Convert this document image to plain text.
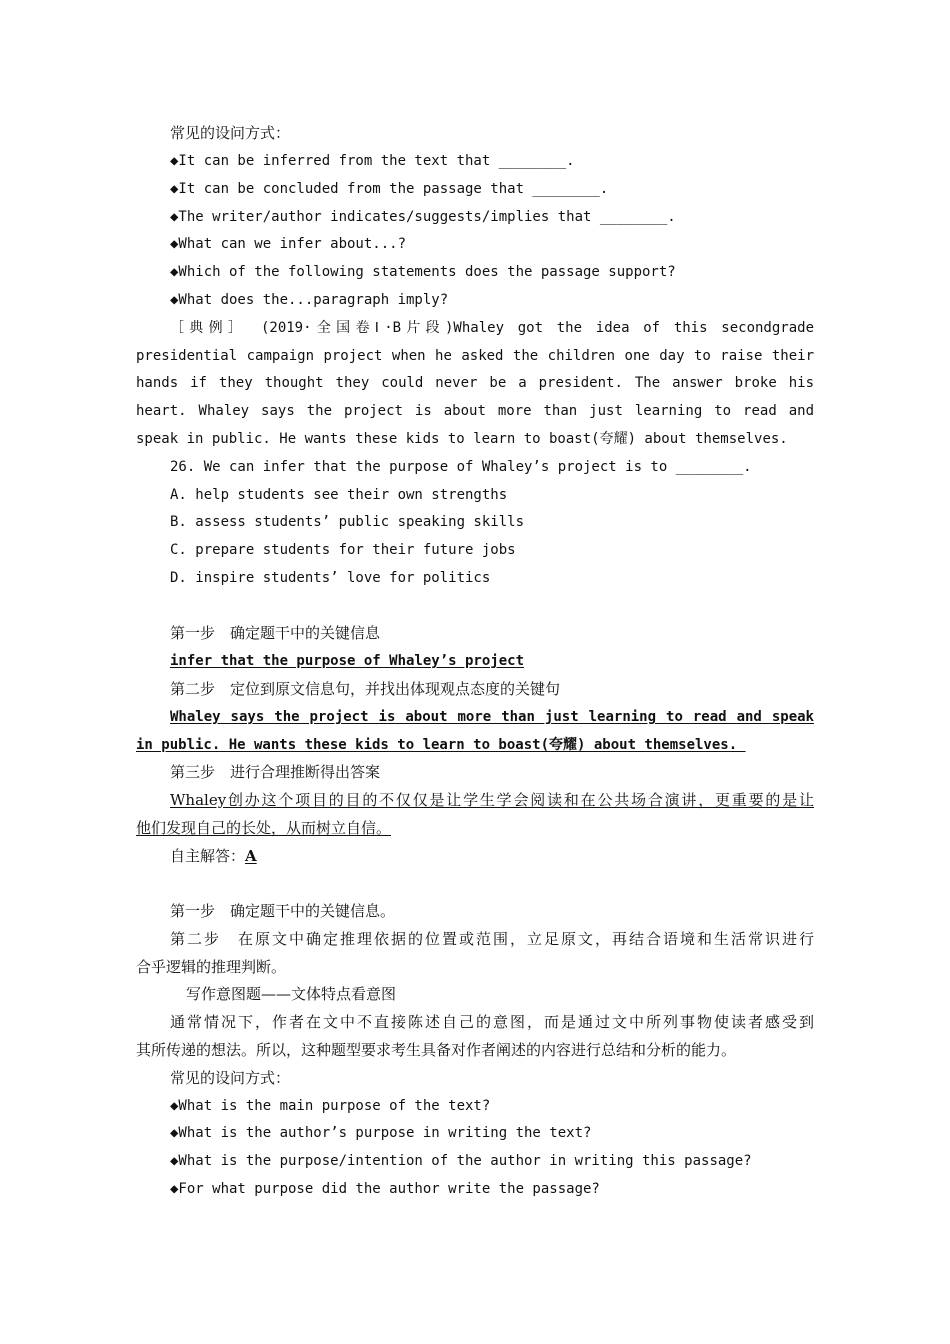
常见的设问方式：
◆It can be inferred from the text that ________.
◆It can be concluded from the passage that ________.
◆The writer/author indicates/suggests/implies that ________.
◆What can we infer about...?
◆Which of the following statements does the passage support?
◆What does the...paragraph imply?
［典例］ (2019·全国卷Ⅰ·B片段)Whaley got the idea of this secondgrade
presidential campaign project when he asked the children one day to raise their
hands if they thought they could never be a president. The answer broke his
heart. Whaley says the project is about more than just learning to read and
speak in public. He wants these kids to learn to boast(夸耀) about themselves.
26. We can infer that the purpose of Whaley’s project is to ________.
A. help students see their own strengths
B. assess students’ public speaking skills
C. prepare students for their future jobs
D. inspire students’ love for politics
第一步　确定题干中的关键信息
infer that the purpose of Whaley’s project
第二步　定位到原文信息句，并找出体现观点态度的关键句
Whaley says the project is about more than just learning to read and speak
in public. He wants these kids to learn to boast(夸耀) about themselves.
第三步　进行合理推断得出答案
Whaley创办这个项目的目的不仅仅是让学生学会阅读和在公共场合演讲，更重要的是让
他们发现自己的长处，从而树立自信。
自主解答：A
第一步　确定题干中的关键信息。
第二步　在原文中确定推理依据的位置或范围，立足原文，再结合语境和生活常识进行
合乎逻辑的推理判断。
写作意图题——文体特点看意图
通常情况下，作者在文中不直接陈述自己的意图，而是通过文中所列事物使读者感受到
其所传递的想法。所以，这种题型要求考生具备对作者阐述的内容进行总结和分析的能力。
常见的设问方式：
◆What is the main purpose of the text?
◆What is the author’s purpose in writing the text?
◆What is the purpose/intention of the author in writing this passage?
◆For what purpose did the author write the passage?
